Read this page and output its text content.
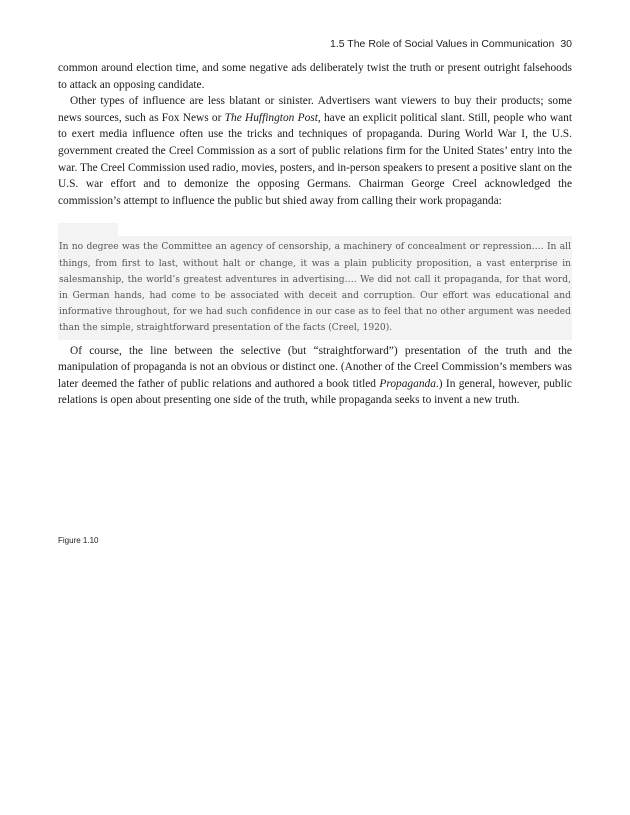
1.5 The Role of Social Values in Communication 30

common around election time, and some negative ads deliberately twist the truth or present outright falsehoods to attack an opposing candidate.

Other types of influence are less blatant or sinister. Advertisers want viewers to buy their products; some news sources, such as Fox News or The Huffington Post, have an explicit political slant. Still, people who want to exert media influence often use the tricks and techniques of propaganda. During World War I, the U.S. government created the Creel Commission as a sort of public relations firm for the United States’ entry into the war. The Creel Commission used radio, movies, posters, and in-person speakers to present a positive slant on the U.S. war effort and to demonize the opposing Germans. Chairman George Creel acknowledged the commission’s attempt to influence the public but shied away from calling their work propaganda:

In no degree was the Committee an agency of censorship, a machinery of concealment or repression…. In all things, from first to last, without halt or change, it was a plain publicity proposition, a vast enterprise in salesmanship, the world’s greatest adventures in advertising…. We did not call it propaganda, for that word, in German hands, had come to be associated with deceit and corruption. Our effort was educational and informative throughout, for we had such confidence in our case as to feel that no other argument was needed than the simple, straightforward presentation of the facts (Creel, 1920).

Of course, the line between the selective (but “straightforward”) presentation of the truth and the manipulation of propaganda is not an obvious or distinct one. (Another of the Creel Commission’s members was later deemed the father of public relations and authored a book titled Propaganda.) In general, however, public relations is open about presenting one side of the truth, while propaganda seeks to invent a new truth.

Figure 1.10
